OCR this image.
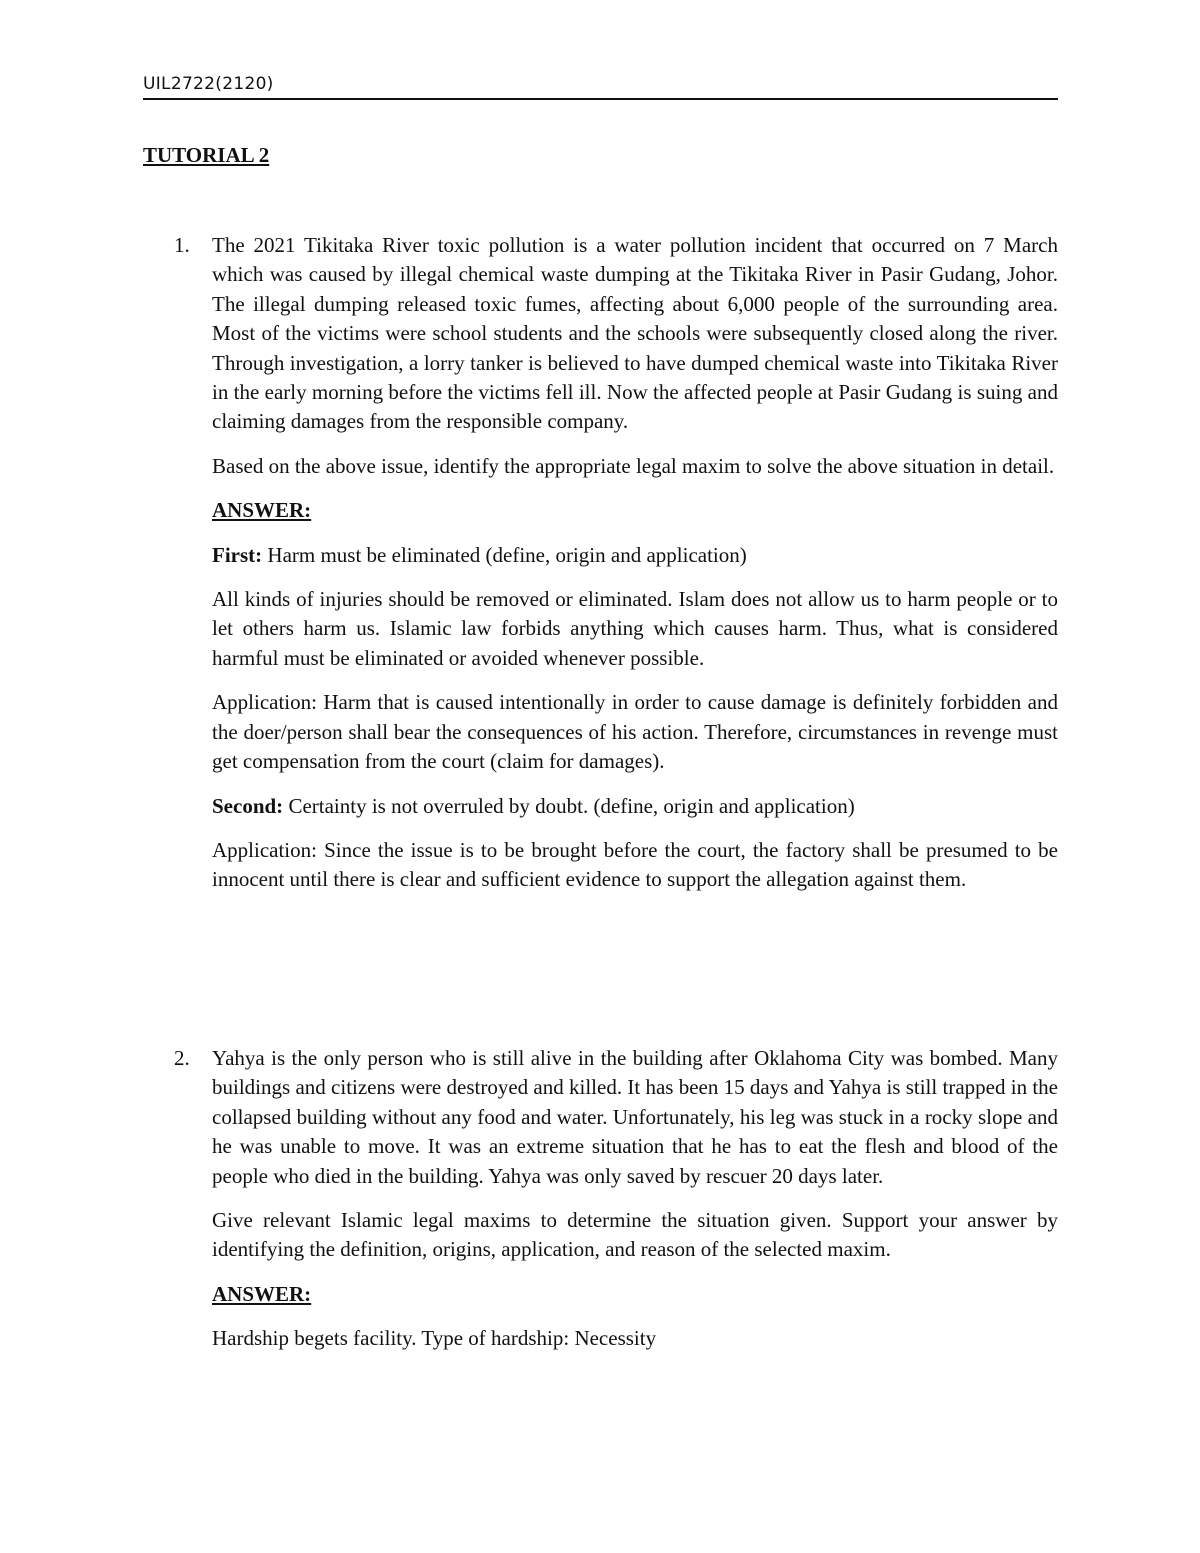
UIL2722(2120)
TUTORIAL 2
1. The 2021 Tikitaka River toxic pollution is a water pollution incident that occurred on 7 March which was caused by illegal chemical waste dumping at the Tikitaka River in Pasir Gudang, Johor. The illegal dumping released toxic fumes, affecting about 6,000 people of the surrounding area. Most of the victims were school students and the schools were subsequently closed along the river. Through investigation, a lorry tanker is believed to have dumped chemical waste into Tikitaka River in the early morning before the victims fell ill. Now the affected people at Pasir Gudang is suing and claiming damages from the responsible company.

Based on the above issue, identify the appropriate legal maxim to solve the above situation in detail.

ANSWER:

First: Harm must be eliminated (define, origin and application)

All kinds of injuries should be removed or eliminated. Islam does not allow us to harm people or to let others harm us. Islamic law forbids anything which causes harm. Thus, what is considered harmful must be eliminated or avoided whenever possible.

Application: Harm that is caused intentionally in order to cause damage is definitely forbidden and the doer/person shall bear the consequences of his action. Therefore, circumstances in revenge must get compensation from the court (claim for damages).

Second: Certainty is not overruled by doubt. (define, origin and application)

Application: Since the issue is to be brought before the court, the factory shall be presumed to be innocent until there is clear and sufficient evidence to support the allegation against them.

2. Yahya is the only person who is still alive in the building after Oklahoma City was bombed. Many buildings and citizens were destroyed and killed. It has been 15 days and Yahya is still trapped in the collapsed building without any food and water. Unfortunately, his leg was stuck in a rocky slope and he was unable to move. It was an extreme situation that he has to eat the flesh and blood of the people who died in the building. Yahya was only saved by rescuer 20 days later.

Give relevant Islamic legal maxims to determine the situation given. Support your answer by identifying the definition, origins, application, and reason of the selected maxim.

ANSWER:

Hardship begets facility. Type of hardship: Necessity
